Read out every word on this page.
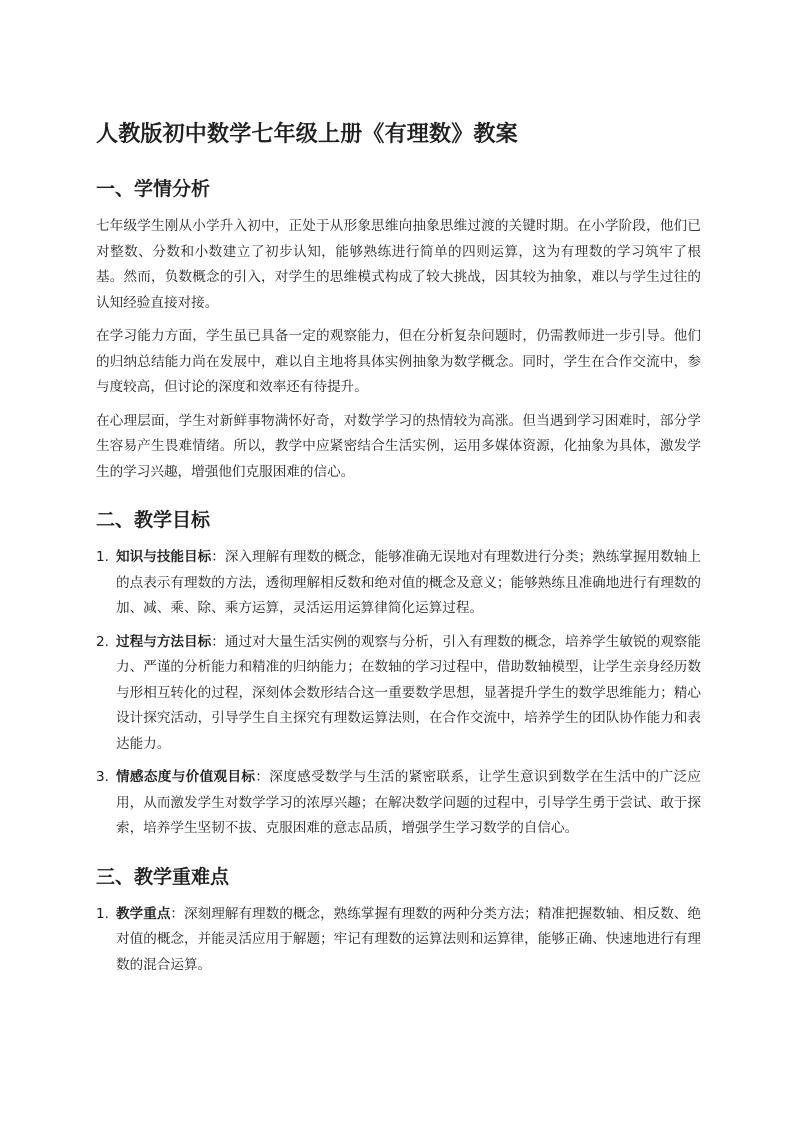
人教版初中数学七年级上册《有理数》教案
一、学情分析

七年级学生刚从小学升入初中，正处于从形象思维向抽象思维过渡的关键时期。在小学阶段，他们已对整数、分数和小数建立了初步认知，能够熟练进行简单的四则运算，这为有理数的学习筑牢了根基。然而，负数概念的引入，对学生的思维模式构成了较大挑战，因其较为抽象，难以与学生过往的认知经验直接对接。

在学习能力方面，学生虽已具备一定的观察能力，但在分析复杂问题时，仍需教师进一步引导。他们的归纳总结能力尚在发展中，难以自主地将具体实例抽象为数学概念。同时，学生在合作交流中，参与度较高，但讨论的深度和效率还有待提升。

在心理层面，学生对新鲜事物满怀好奇，对数学学习的热情较为高涨。但当遇到学习困难时，部分学生容易产生畏难情绪。所以，教学中应紧密结合生活实例，运用多媒体资源，化抽象为具体，激发学生的学习兴趣，增强他们克服困难的信心。

二、教学目标
1. 知识与技能目标：深入理解有理数的概念，能够准确无误地对有理数进行分类；熟练掌握用数轴上的点表示有理数的方法，透彻理解相反数和绝对值的概念及意义；能够熟练且准确地进行有理数的加、减、乘、除、乘方运算，灵活运用运算律简化运算过程。
2. 过程与方法目标：通过对大量生活实例的观察与分析，引入有理数的概念，培养学生敏锐的观察能力、严谨的分析能力和精准的归纳能力；在数轴的学习过程中，借助数轴模型，让学生亲身经历数与形相互转化的过程，深刻体会数形结合这一重要数学思想，显著提升学生的数学思维能力；精心设计探究活动，引导学生自主探究有理数运算法则，在合作交流中，培养学生的团队协作能力和表达能力。
3. 情感态度与价值观目标：深度感受数学与生活的紧密联系，让学生意识到数学在生活中的广泛应用，从而激发学生对数学学习的浓厚兴趣；在解决数学问题的过程中，引导学生勇于尝试、敢于探索，培养学生坚韧不拔、克服困难的意志品质，增强学生学习数学的自信心。
三、教学重难点
1. 教学重点：深刻理解有理数的概念，熟练掌握有理数的两种分类方法；精准把握数轴、相反数、绝对值的概念，并能灵活应用于解题；牢记有理数的运算法则和运算律，能够正确、快速地进行有理数的混合运算。
